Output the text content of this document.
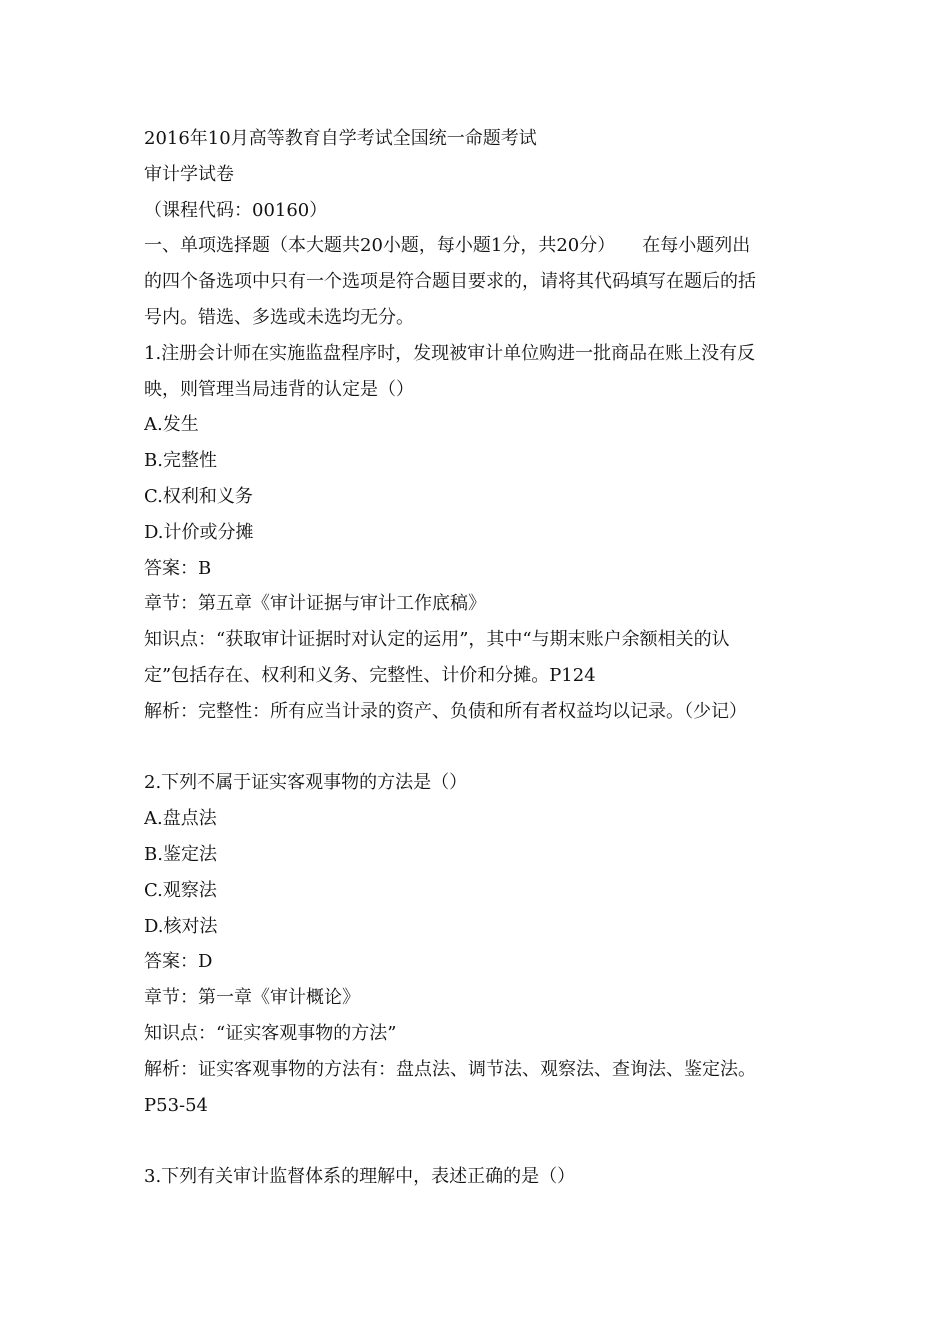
2016年10月高等教育自学考试全国统一命题考试
审计学试卷
（课程代码：00160）
一、单项选择题（本大题共20小题，每小题1分，共20分）　　在每小题列出
的四个备选项中只有一个选项是符合题目要求的，请将其代码填写在题后的括
号内。错选、多选或未选均无分。
1.注册会计师在实施监盘程序时，发现被审计单位购进一批商品在账上没有反
映，则管理当局违背的认定是（）
A.发生
B.完整性
C.权利和义务
D.计价或分摊
答案：B
章节：第五章《审计证据与审计工作底稿》
知识点：“获取审计证据时对认定的运用”，其中“与期末账户余额相关的认
定”包括存在、权利和义务、完整性、计价和分摊。P124
解析：完整性：所有应当计录的资产、负债和所有者权益均以记录。（少记）
2.下列不属于证实客观事物的方法是（）
A.盘点法
B.鉴定法
C.观察法
D.核对法
答案：D
章节：第一章《审计概论》
知识点：“证实客观事物的方法”
解析：证实客观事物的方法有：盘点法、调节法、观察法、查询法、鉴定法。
P53-54
3.下列有关审计监督体系的理解中，表述正确的是（）
